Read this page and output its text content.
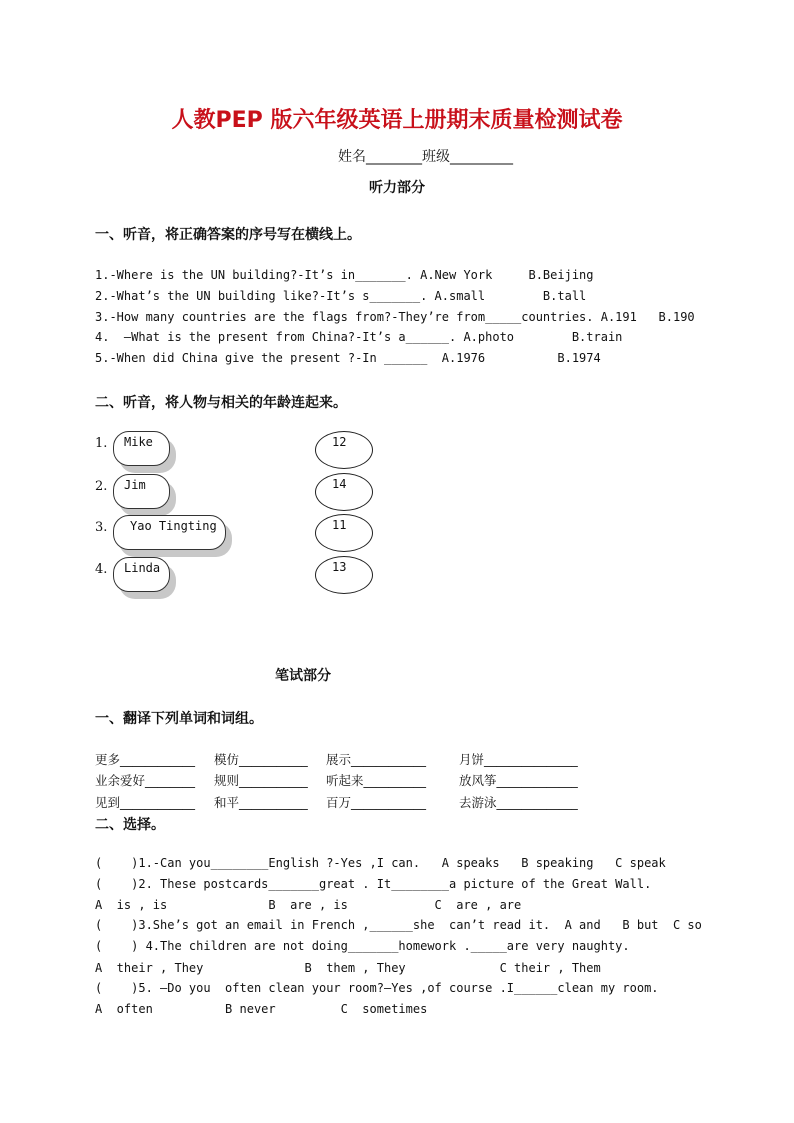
人教PEP 版六年级英语上册期末质量检测试卷
姓名________班级_________
听力部分
一、听音，将正确答案的序号写在横线上。
1.-Where is the UN building?-It’s in_______. A.New York     B.Beijing
2.-What’s the UN building like?-It’s s_______. A.small        B.tall
3.-How many countries are the flags from?-They’re from_____countries. A.191   B.190
4.  –What is the present from China?-It’s a______. A.photo        B.train
5.-When did China give the present ?-In ______  A.1976          B.1974
二、听音，将人物与相关的年龄连起来。
1. Mike	12
2. Jim	14
3. Yao Tingting	11
4. Linda	13
笔试部分
一、翻译下列单词和词组。
更多____________ 模仿___________ 展示____________	月饼_______________
业余爱好________ 规则___________ 听起来__________	放风筝_____________
见到____________ 和平___________ 百万____________	去游泳_____________
二、选择。
(    )1.-Can you________English ?-Yes ,I can.   A speaks   B speaking   C speak
(    )2. These postcards_______great . It________a picture of the Great Wall.
A  is , is              B  are , is            C  are , are
(    )3.She’s got an email in French ,______she  can’t read it.  A and   B but  C so
(    ) 4.The children are not doing_______homework ._____are very naughty.
A  their , They              B  them , They             C their , Them
(    )5. —Do you  often clean your room?—Yes ,of course .I______clean my room.
A  often          B never         C  sometimes
